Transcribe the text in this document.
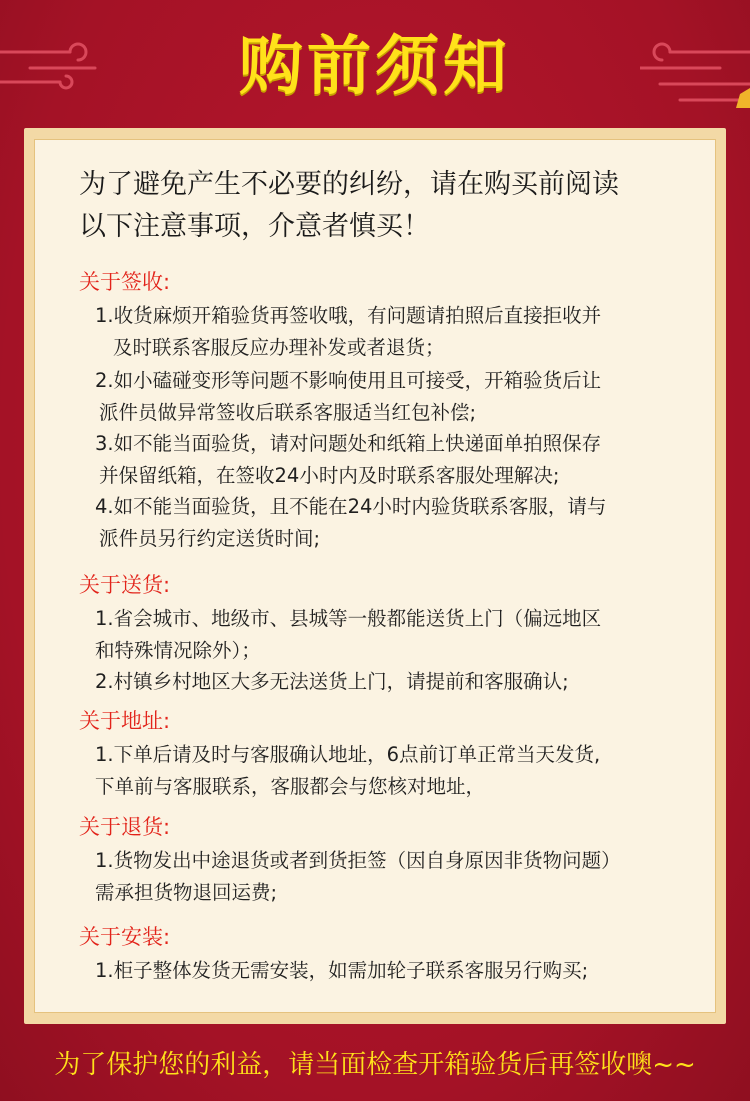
购前须知
为了避免产生不必要的纠纷，请在购买前阅读
以下注意事项，介意者慎买！
关于签收:
1.收货麻烦开箱验货再签收哦，有问题请拍照后直接拒收并
及时联系客服反应办理补发或者退货；
2.如小磕碰变形等问题不影响使用且可接受，开箱验货后让
派件员做异常签收后联系客服适当红包补偿;
3.如不能当面验货，请对问题处和纸箱上快递面单拍照保存
并保留纸箱，在签收24小时内及时联系客服处理解决;
4.如不能当面验货，且不能在24小时内验货联系客服，请与
派件员另行约定送货时间;
关于送货:
1.省会城市、地级市、县城等一般都能送货上门（偏远地区
和特殊情况除外）；
2.村镇乡村地区大多无法送货上门，请提前和客服确认;
关于地址:
1.下单后请及时与客服确认地址，6点前订单正常当天发货,
下单前与客服联系，客服都会与您核对地址，
关于退货:
1.货物发出中途退货或者到货拒签（因自身原因非货物问题）
需承担货物退回运费;
关于安装:
1.柜子整体发货无需安装，如需加轮子联系客服另行购买;
为了保护您的利益，请当面检查开箱验货后再签收噢~~
